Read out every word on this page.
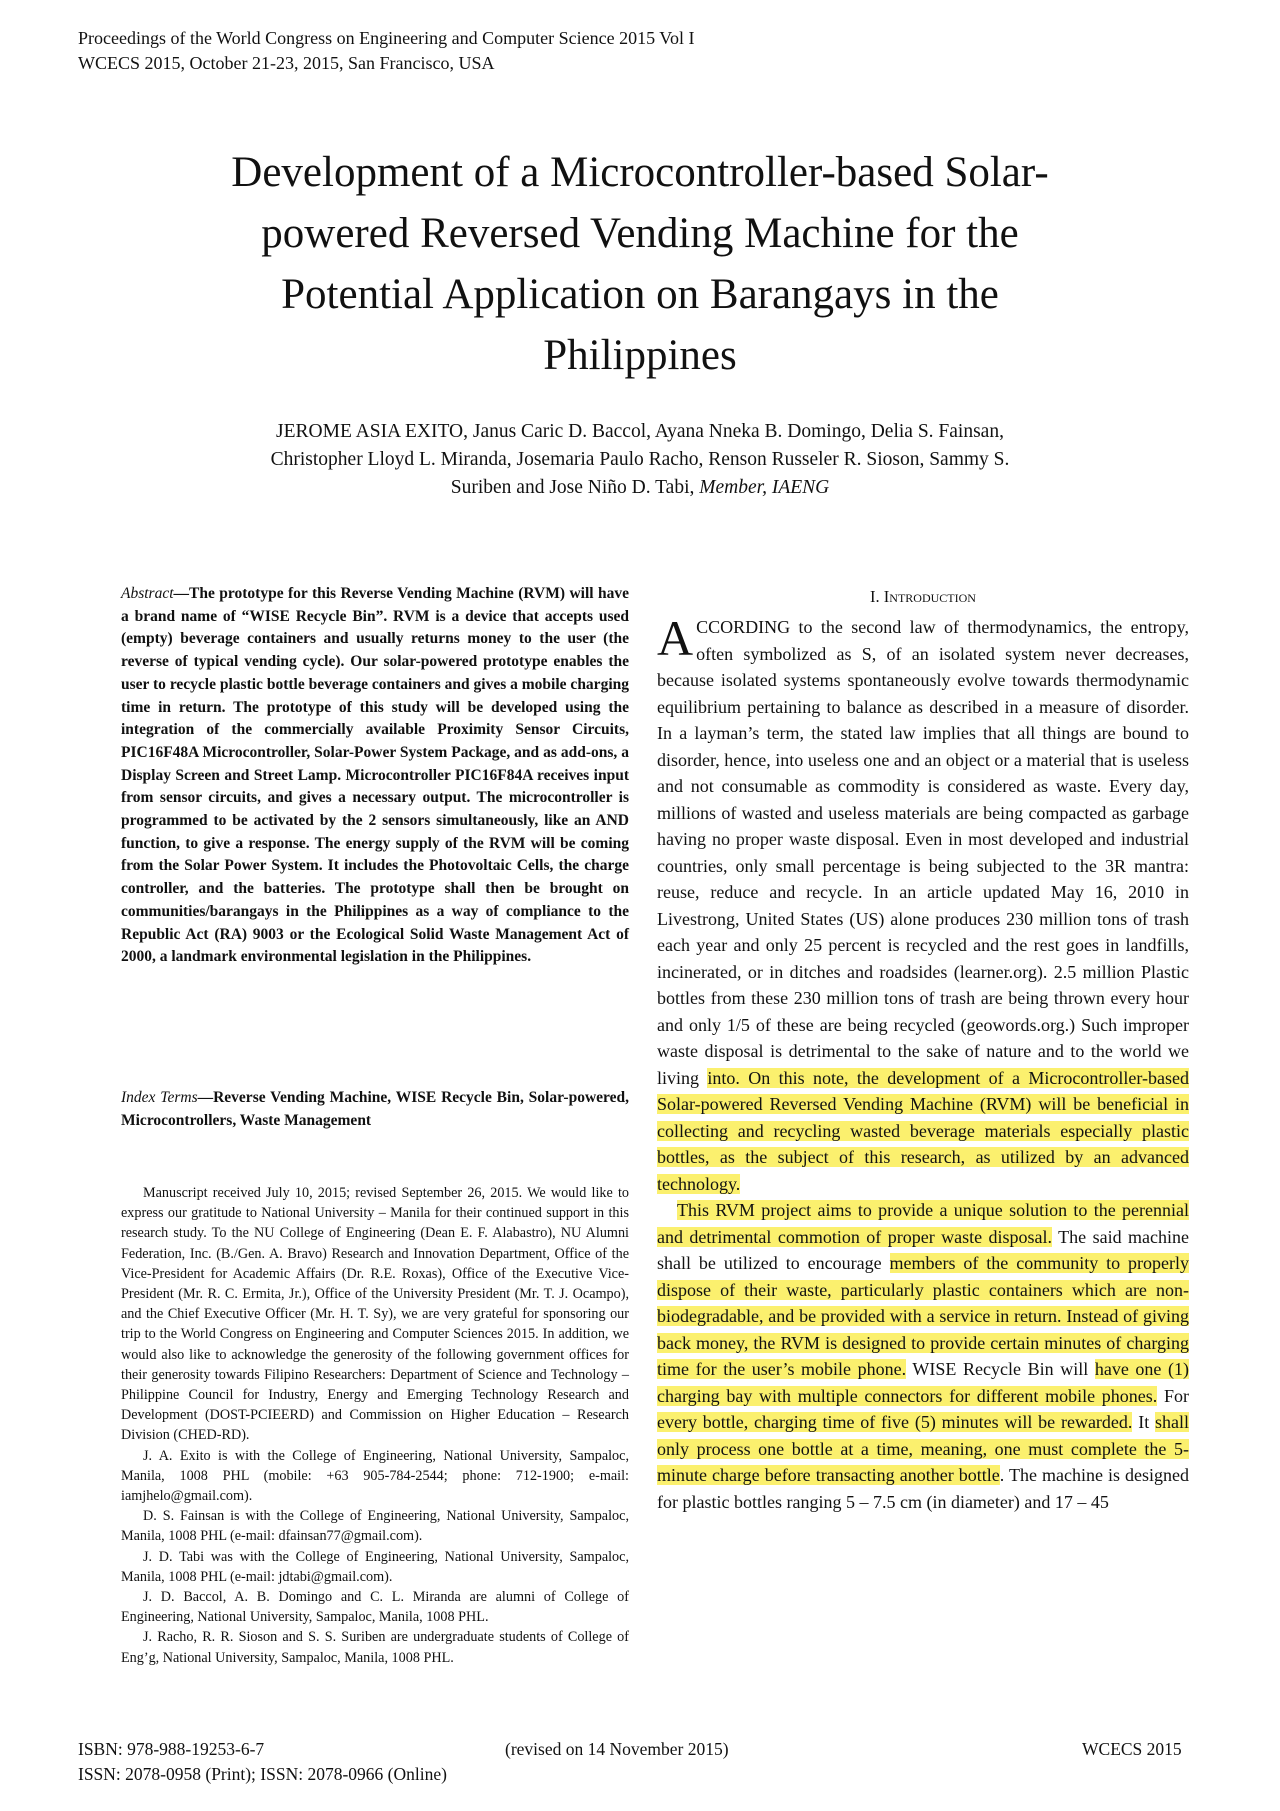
Proceedings of the World Congress on Engineering and Computer Science 2015 Vol I
WCECS 2015, October 21-23, 2015, San Francisco, USA
Development of a Microcontroller-based Solar-
powered Reversed Vending Machine for the
Potential Application on Barangays in the
Philippines
JEROME ASIA EXITO, Janus Caric D. Baccol, Ayana Nneka B. Domingo, Delia S. Fainsan,
Christopher Lloyd L. Miranda, Josemaria Paulo Racho, Renson Russeler R. Sioson, Sammy S.
Suriben and Jose Niño D. Tabi, Member, IAENG
Abstract—The prototype for this Reverse Vending Machine (RVM) will have a brand name of “WISE Recycle Bin”. RVM is a device that accepts used (empty) beverage containers and usually returns money to the user (the reverse of typical vending cycle). Our solar-powered prototype enables the user to recycle plastic bottle beverage containers and gives a mobile charging time in return. The prototype of this study will be developed using the integration of the commercially available Proximity Sensor Circuits, PIC16F48A Microcontroller, Solar-Power System Package, and as add-ons, a Display Screen and Street Lamp. Microcontroller PIC16F84A receives input from sensor circuits, and gives a necessary output. The microcontroller is programmed to be activated by the 2 sensors simultaneously, like an AND function, to give a response. The energy supply of the RVM will be coming from the Solar Power System. It includes the Photovoltaic Cells, the charge controller, and the batteries. The prototype shall then be brought on communities/barangays in the Philippines as a way of compliance to the Republic Act (RA) 9003 or the Ecological Solid Waste Management Act of 2000, a landmark environmental legislation in the Philippines.
Index Terms—Reverse Vending Machine, WISE Recycle Bin, Solar-powered, Microcontrollers, Waste Management

Manuscript received July 10, 2015; revised September 26, 2015. We would like to express our gratitude to National University – Manila for their continued support in this research study. To the NU College of Engineering (Dean E. F. Alabastro), NU Alumni Federation, Inc. (B./Gen. A. Bravo) Research and Innovation Department, Office of the Vice-President for Academic Affairs (Dr. R.E. Roxas), Office of the Executive Vice-President (Mr. R. C. Ermita, Jr.), Office of the University President (Mr. T. J. Ocampo), and the Chief Executive Officer (Mr. H. T. Sy), we are very grateful for sponsoring our trip to the World Congress on Engineering and Computer Sciences 2015. In addition, we would also like to acknowledge the generosity of the following government offices for their generosity towards Filipino Researchers: Department of Science and Technology – Philippine Council for Industry, Energy and Emerging Technology Research and Development (DOST-PCIEERD) and Commission on Higher Education – Research Division (CHED-RD).

J. A. Exito is with the College of Engineering, National University, Sampaloc, Manila, 1008 PHL (mobile: +63 905-784-2544; phone: 712-1900; e-mail: iamjhelo@gmail.com).

D. S. Fainsan is with the College of Engineering, National University, Sampaloc, Manila, 1008 PHL (e-mail: dfainsan77@gmail.com).

J. D. Tabi was with the College of Engineering, National University, Sampaloc, Manila, 1008 PHL (e-mail: jdtabi@gmail.com).

J. D. Baccol, A. B. Domingo and C. L. Miranda are alumni of College of Engineering, National University, Sampaloc, Manila, 1008 PHL.

J. Racho, R. R. Sioson and S. S. Suriben are undergraduate students of College of Eng’g, National University, Sampaloc, Manila, 1008 PHL.

I. Introduction

ACCORDING to the second law of thermodynamics, the entropy, often symbolized as S, of an isolated system never decreases, because isolated systems spontaneously evolve towards thermodynamic equilibrium pertaining to balance as described in a measure of disorder. In a layman’s term, the stated law implies that all things are bound to disorder, hence, into useless one and an object or a material that is useless and not consumable as commodity is considered as waste. Every day, millions of wasted and useless materials are being compacted as garbage having no proper waste disposal. Even in most developed and industrial countries, only small percentage is being subjected to the 3R mantra: reuse, reduce and recycle. In an article updated May 16, 2010 in Livestrong, United States (US) alone produces 230 million tons of trash each year and only 25 percent is recycled and the rest goes in landfills, incinerated, or in ditches and roadsides (learner.org). 2.5 million Plastic bottles from these 230 million tons of trash are being thrown every hour and only 1/5 of these are being recycled (geowords.org.) Such improper waste disposal is detrimental to the sake of nature and to the world we living into. On this note, the development of a Microcontroller-based Solar-powered Reversed Vending Machine (RVM) will be beneficial in collecting and recycling wasted beverage materials especially plastic bottles, as the subject of this research, as utilized by an advanced technology.

This RVM project aims to provide a unique solution to the perennial and detrimental commotion of proper waste disposal. The said machine shall be utilized to encourage members of the community to properly dispose of their waste, particularly plastic containers which are non-biodegradable, and be provided with a service in return. Instead of giving back money, the RVM is designed to provide certain minutes of charging time for the user’s mobile phone. WISE Recycle Bin will have one (1) charging bay with multiple connectors for different mobile phones. For every bottle, charging time of five (5) minutes will be rewarded. It shall only process one bottle at a time, meaning, one must complete the 5-minute charge before transacting another bottle. The machine is designed for plastic bottles ranging 5 – 7.5 cm (in diameter) and 17 – 45

ISBN: 978-988-19253-6-7
ISSN: 2078-0958 (Print); ISSN: 2078-0966 (Online)
(revised on 14 November 2015)	WCECS 2015
